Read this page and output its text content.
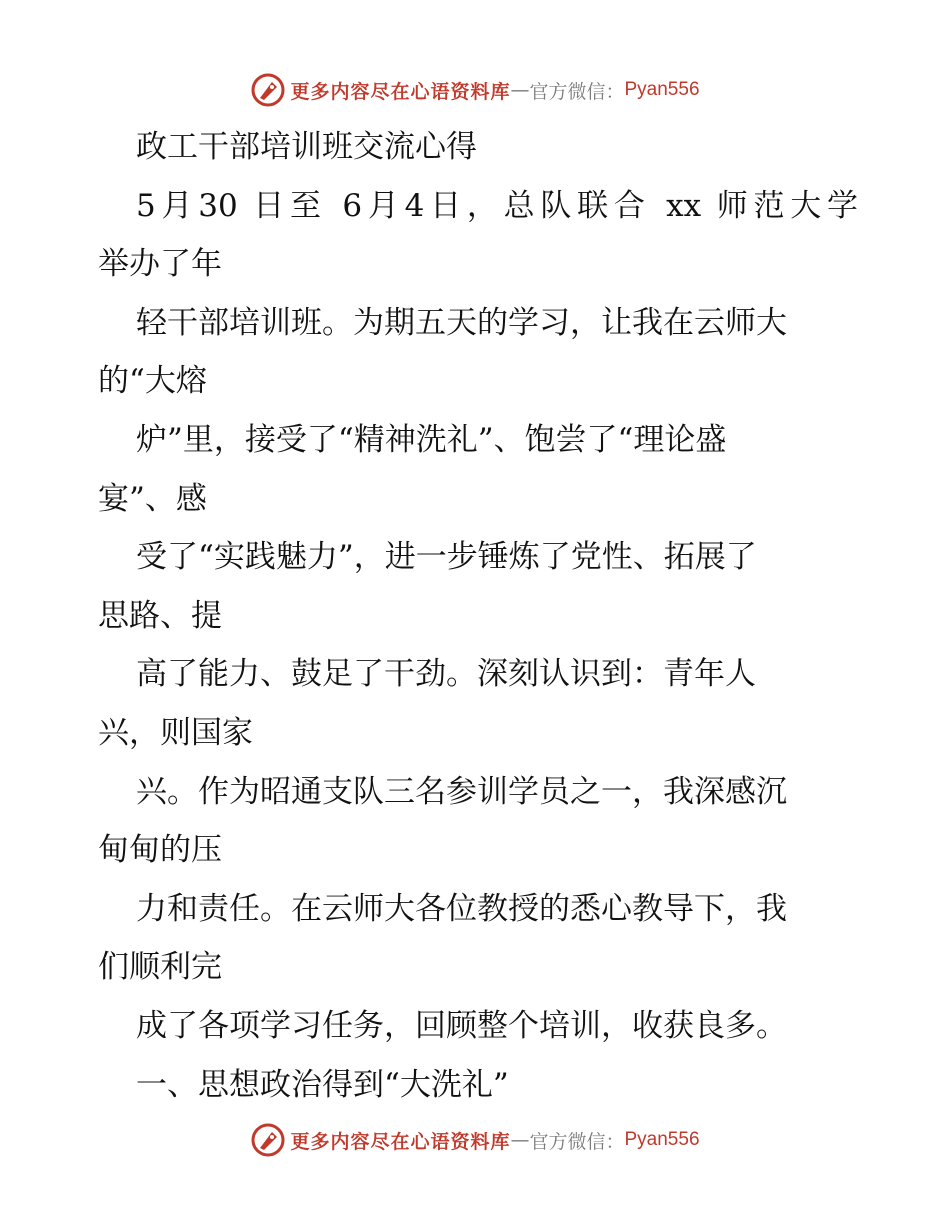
更多内容尽在心语资料库 — 官方微信： Pyan556

政工干部培训班交流心得

5月30 日至 6月4日，总队联合 xx 师范大学

举办了年

轻干部培训班。为期五天的学习，让我在云师大

的“大熔

炉”里，接受了“精神洗礼”、饱尝了“理论盛

宴”、感

受了“实践魅力”，进一步锤炼了党性、拓展了

思路、提

高了能力、鼓足了干劲。深刻认识到：青年人

兴，则国家

兴。作为昭通支队三名参训学员之一，我深感沉

甸甸的压

力和责任。在云师大各位教授的悉心教导下，我

们顺利完

成了各项学习任务，回顾整个培训，收获良多。

一、思想政治得到“大洗礼”

更多内容尽在心语资料库 — 官方微信： Pyan556
